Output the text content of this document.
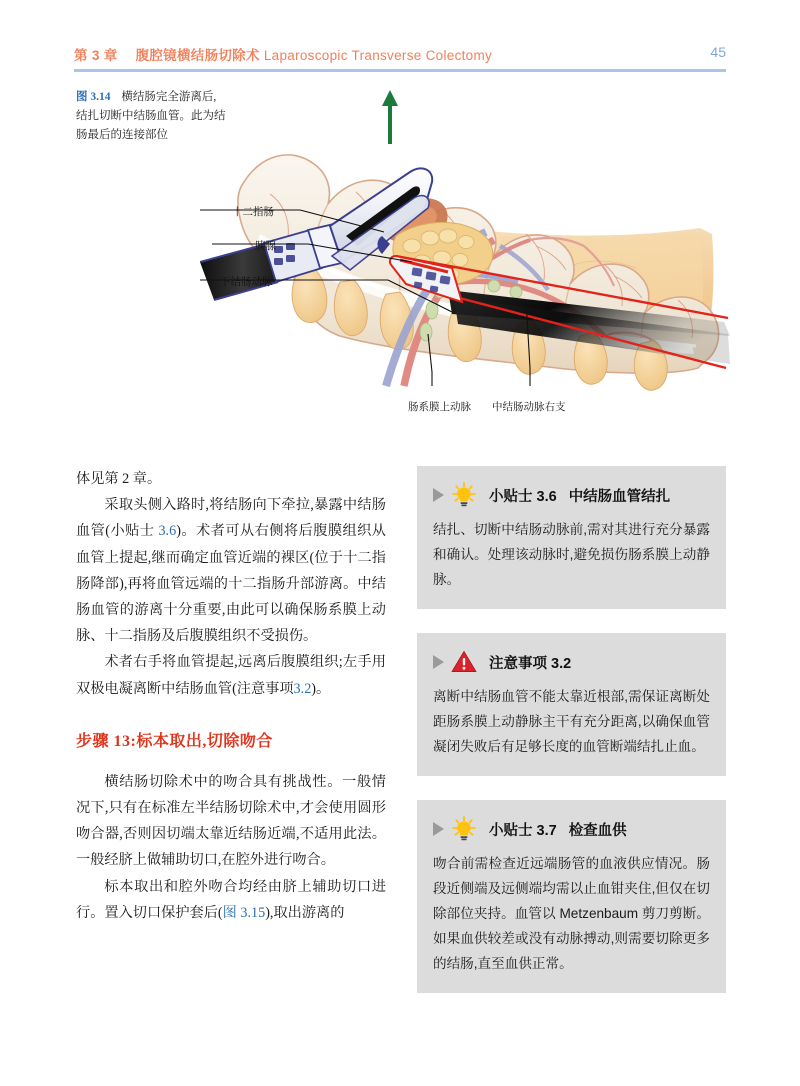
第 3 章 腹腔镜横结肠切除术 Laparoscopic Transverse Colectomy	45
图 3.14 横结肠完全游离后,结扎切断中结肠血管。此为结肠最后的连接部位
十二指肠
胰腺
下结肠动脉
肠系膜上动脉 中结肠动脉右支

体见第 2 章。

采取头侧入路时,将结肠向下牵拉,暴露中结肠血管(小贴士 3.6)。术者可从右侧将后腹膜组织从血管上提起,继而确定血管近端的裸区(位于十二指肠降部),再将血管远端的十二指肠升部游离。中结肠血管的游离十分重要,由此可以确保肠系膜上动脉、十二指肠及后腹膜组织不受损伤。

术者右手将血管提起,远离后腹膜组织;左手用双极电凝离断中结肠血管(注意事项3.2)。

步骤 13:标本取出,切除吻合

横结肠切除术中的吻合具有挑战性。一般情况下,只有在标准左半结肠切除术中,才会使用圆形吻合器,否则因切端太靠近结肠近端,不适用此法。一般经脐上做辅助切口,在腔外进行吻合。

标本取出和腔外吻合均经由脐上辅助切口进行。置入切口保护套后(图 3.15),取出游离的

小贴士 3.6 中结肠血管结扎
结扎、切断中结肠动脉前,需对其进行充分暴露和确认。处理该动脉时,避免损伤肠系膜上动静脉。
注意事项 3.2
离断中结肠血管不能太靠近根部,需保证离断处距肠系膜上动静脉主干有充分距离,以确保血管凝闭失败后有足够长度的血管断端结扎止血。
小贴士 3.7 检查血供
吻合前需检查近远端肠管的血液供应情况。肠段近侧端及远侧端均需以止血钳夹住,但仅在切除部位夹持。血管以 Metzenbaum 剪刀剪断。如果血供较差或没有动脉搏动,则需要切除更多的结肠,直至血供正常。
